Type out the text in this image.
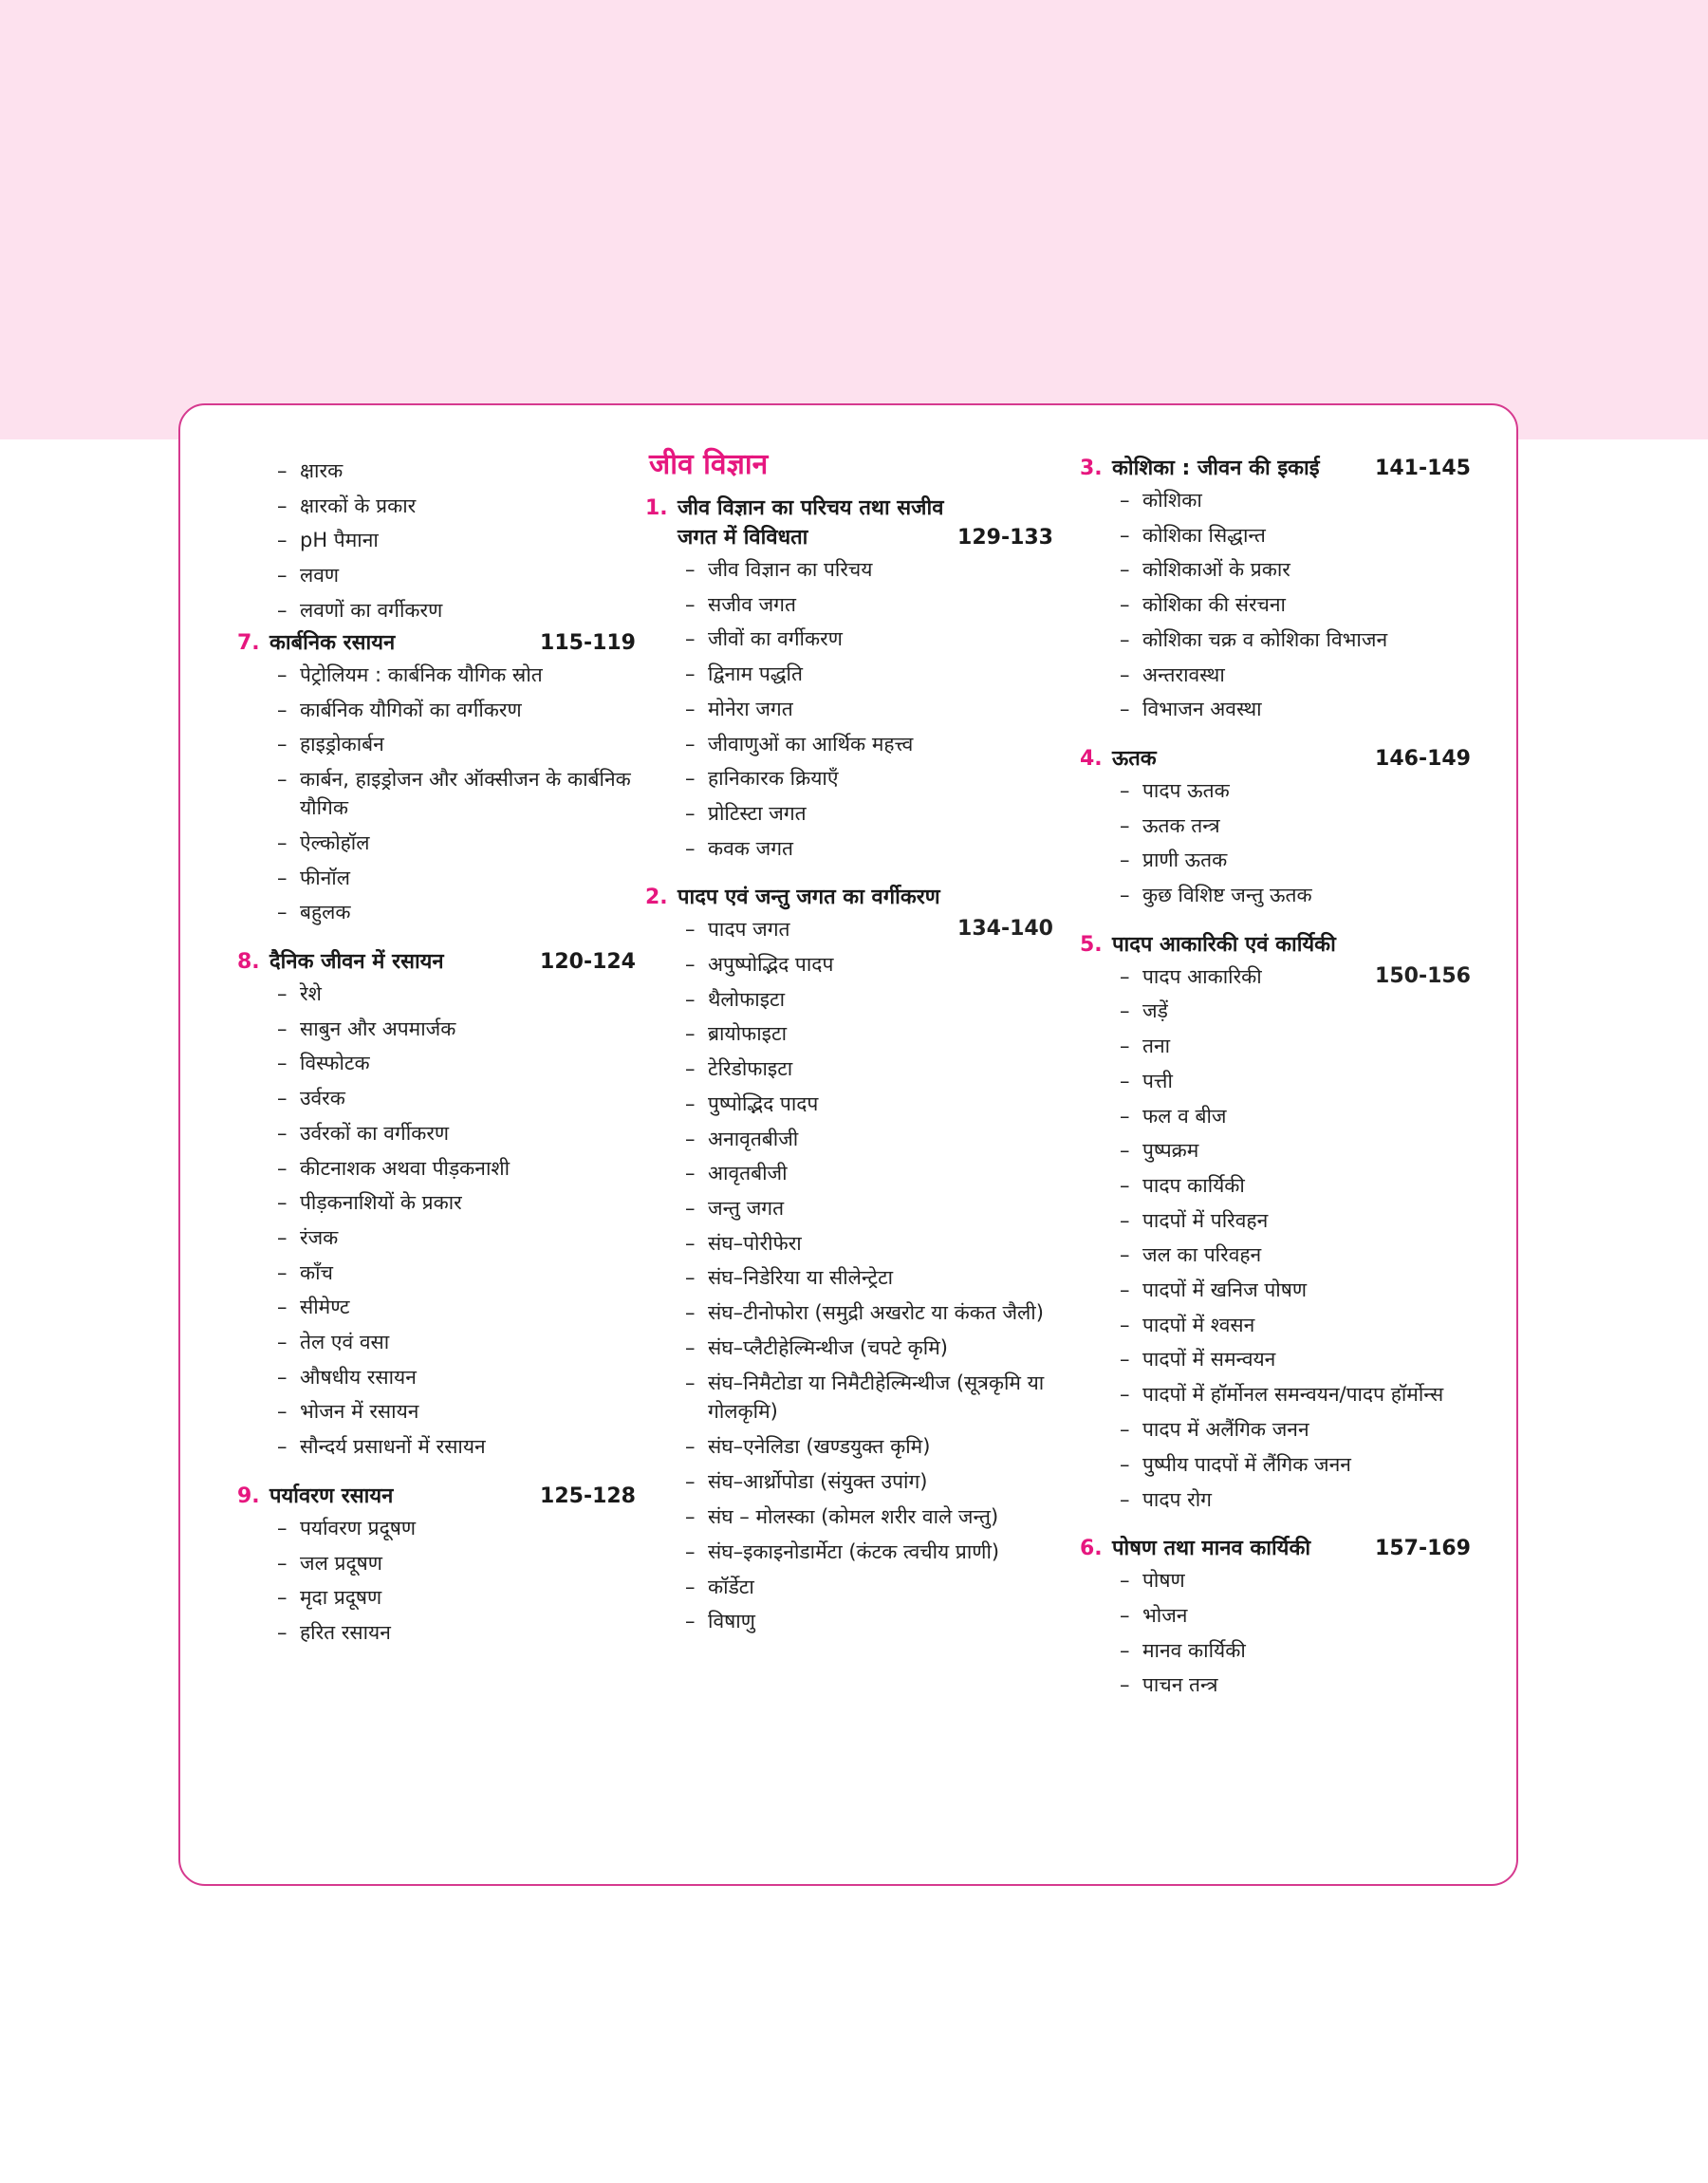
– क्षारक
– क्षारकों के प्रकार
– pH पैमाना
– लवण
– लवणों का वर्गीकरण
7. कार्बनिक रसायन	115-119
– पेट्रोलियम : कार्बनिक यौगिक स्रोत
– कार्बनिक यौगिकों का वर्गीकरण
– हाइड्रोकार्बन
– कार्बन, हाइड्रोजन और ऑक्सीजन के कार्बनिक यौगिक
– ऐल्कोहॉल
– फीनॉल
– बहुलक
8. दैनिक जीवन में रसायन	120-124
– रेशे
– साबुन और अपमार्जक
– विस्फोटक
– उर्वरक
– उर्वरकों का वर्गीकरण
– कीटनाशक अथवा पीड़कनाशी
– पीड़कनाशियों के प्रकार
– रंजक
– काँच
– सीमेण्ट
– तेल एवं वसा
– औषधीय रसायन
– भोजन में रसायन
– सौन्दर्य प्रसाधनों में रसायन
9. पर्यावरण रसायन	125-128
– पर्यावरण प्रदूषण
– जल प्रदूषण
– मृदा प्रदूषण
– हरित रसायन
जीव विज्ञान
1. जीव विज्ञान का परिचय तथा सजीव
जगत में विविधता	129-133
– जीव विज्ञान का परिचय
– सजीव जगत
– जीवों का वर्गीकरण
– द्विनाम पद्धति
– मोनेरा जगत
– जीवाणुओं का आर्थिक महत्त्व
– हानिकारक क्रियाएँ
– प्रोटिस्टा जगत
– कवक जगत
2. पादप एवं जन्तु जगत का वर्गीकरण
– पादप जगत	134-140
– अपुष्पोद्भिद पादप
– थैलोफाइटा
– ब्रायोफाइटा
– टेरिडोफाइटा
– पुष्पोद्भिद पादप
– अनावृतबीजी
– आवृतबीजी
– जन्तु जगत
– संघ–पोरीफेरा
– संघ–निडेरिया या सीलेन्ट्रेटा
– संघ–टीनोफोरा (समुद्री अखरोट या कंकत जैली)
– संघ–प्लैटीहेल्मिन्थीज (चपटे कृमि)
– संघ–निमैटोडा या निमैटीहेल्मिन्थीज (सूत्रकृमि या गोलकृमि)
– संघ–एनेलिडा (खण्डयुक्त कृमि)
– संघ–आर्थ्रोपोडा (संयुक्त उपांग)
– संघ – मोलस्का (कोमल शरीर वाले जन्तु)
– संघ–इकाइनोडार्मेटा (कंटक त्वचीय प्राणी)
– कॉर्डेटा
– विषाणु
3. कोशिका : जीवन की इकाई	141-145
– कोशिका
– कोशिका सिद्धान्त
– कोशिकाओं के प्रकार
– कोशिका की संरचना
– कोशिका चक्र व कोशिका विभाजन
– अन्तरावस्था
– विभाजन अवस्था
4. ऊतक	146-149
– पादप ऊतक
– ऊतक तन्त्र
– प्राणी ऊतक
– कुछ विशिष्ट जन्तु ऊतक
5. पादप आकारिकी एवं कार्यिकी
– पादप आकारिकी	150-156
– जड़ें
– तना
– पत्ती
– फल व बीज
– पुष्पक्रम
– पादप कार्यिकी
– पादपों में परिवहन
– जल का परिवहन
– पादपों में खनिज पोषण
– पादपों में श्वसन
– पादपों में समन्वयन
– पादपों में हॉर्मोनल समन्वयन/पादप हॉर्मोन्स
– पादप में अलैंगिक जनन
– पुष्पीय पादपों में लैंगिक जनन
– पादप रोग
6. पोषण तथा मानव कार्यिकी	157-169
– पोषण
– भोजन
– मानव कार्यिकी
– पाचन तन्त्र
